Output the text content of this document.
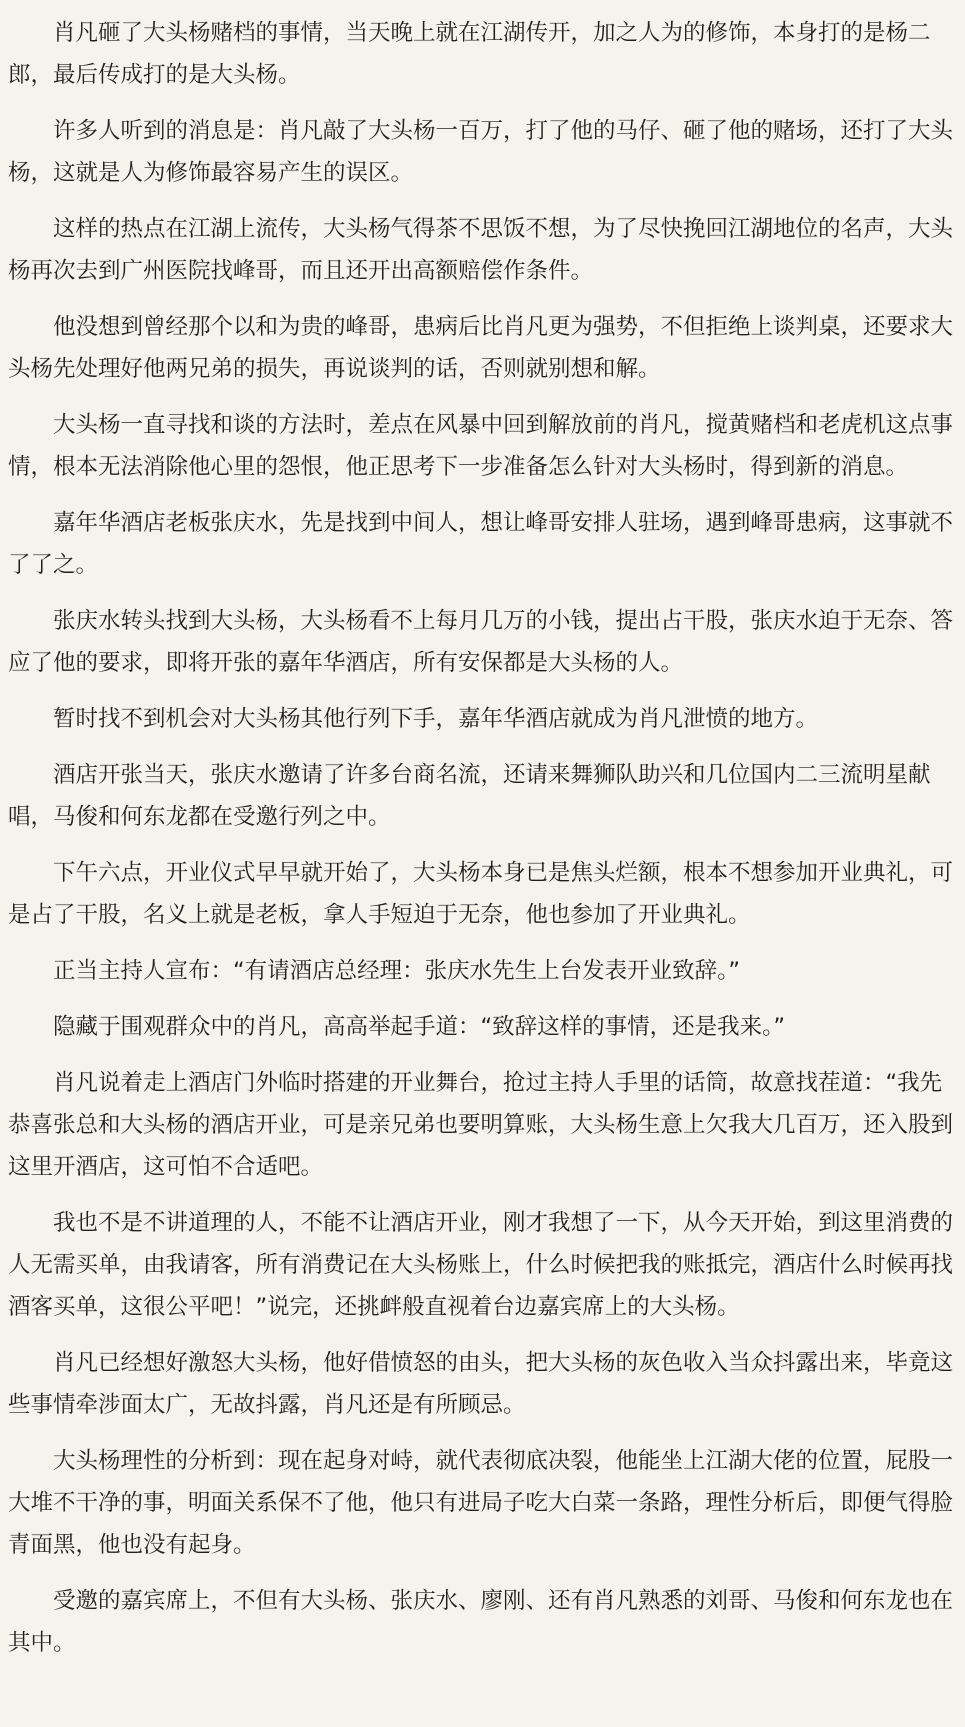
肖凡砸了大头杨赌档的事情，当天晚上就在江湖传开，加之人为的修饰，本身打的是杨二郎，最后传成打的是大头杨。

许多人听到的消息是：肖凡敲了大头杨一百万，打了他的马仔、砸了他的赌场，还打了大头杨，这就是人为修饰最容易产生的误区。

这样的热点在江湖上流传，大头杨气得茶不思饭不想，为了尽快挽回江湖地位的名声，大头杨再次去到广州医院找峰哥，而且还开出高额赔偿作条件。

他没想到曾经那个以和为贵的峰哥，患病后比肖凡更为强势，不但拒绝上谈判桌，还要求大头杨先处理好他两兄弟的损失，再说谈判的话，否则就别想和解。

大头杨一直寻找和谈的方法时，差点在风暴中回到解放前的肖凡，搅黄赌档和老虎机这点事情，根本无法消除他心里的怨恨，他正思考下一步准备怎么针对大头杨时，得到新的消息。

嘉年华酒店老板张庆水，先是找到中间人，想让峰哥安排人驻场，遇到峰哥患病，这事就不了了之。

张庆水转头找到大头杨，大头杨看不上每月几万的小钱，提出占干股，张庆水迫于无奈、答应了他的要求，即将开张的嘉年华酒店，所有安保都是大头杨的人。

暂时找不到机会对大头杨其他行列下手，嘉年华酒店就成为肖凡泄愤的地方。

酒店开张当天，张庆水邀请了许多台商名流，还请来舞狮队助兴和几位国内二三流明星献唱，马俊和何东龙都在受邀行列之中。

下午六点，开业仪式早早就开始了，大头杨本身已是焦头烂额，根本不想参加开业典礼，可是占了干股，名义上就是老板，拿人手短迫于无奈，他也参加了开业典礼。

正当主持人宣布：“有请酒店总经理：张庆水先生上台发表开业致辞。”

隐藏于围观群众中的肖凡，高高举起手道：“致辞这样的事情，还是我来。”

肖凡说着走上酒店门外临时搭建的开业舞台，抢过主持人手里的话筒，故意找茬道：“我先恭喜张总和大头杨的酒店开业，可是亲兄弟也要明算账，大头杨生意上欠我大几百万，还入股到这里开酒店，这可怕不合适吧。

我也不是不讲道理的人，不能不让酒店开业，刚才我想了一下，从今天开始，到这里消费的人无需买单，由我请客，所有消费记在大头杨账上，什么时候把我的账抵完，酒店什么时候再找酒客买单，这很公平吧！”说完，还挑衅般直视着台边嘉宾席上的大头杨。

肖凡已经想好激怒大头杨，他好借愤怒的由头，把大头杨的灰色收入当众抖露出来，毕竟这些事情牵涉面太广，无故抖露，肖凡还是有所顾忌。

大头杨理性的分析到：现在起身对峙，就代表彻底决裂，他能坐上江湖大佬的位置，屁股一大堆不干净的事，明面关系保不了他，他只有进局子吃大白菜一条路，理性分析后，即便气得脸青面黑，他也没有起身。

受邀的嘉宾席上，不但有大头杨、张庆水、廖刚、还有肖凡熟悉的刘哥、马俊和何东龙也在其中。
